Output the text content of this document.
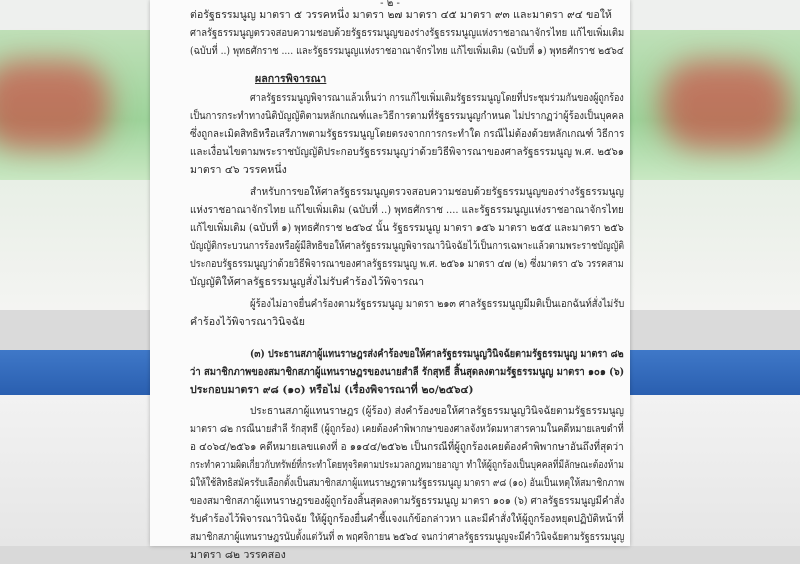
- ๒ -
ต่อรัฐธรรมนูญ มาตรา ๕ วรรคหนึ่ง มาตรา ๒๗ มาตรา ๔๕ มาตรา ๙๓ และมาตรา ๙๔ ขอให้
ศาลรัฐธรรมนูญตรวจสอบความชอบด้วยรัฐธรรมนูญของร่างรัฐธรรมนูญแห่งราชอาณาจักรไทย แก้ไขเพิ่มเติม
(ฉบับที่ ..) พุทธศักราช .... และรัฐธรรมนูญแห่งราชอาณาจักรไทย แก้ไขเพิ่มเติม (ฉบับที่ ๑) พุทธศักราช ๒๕๖๔
ผลการพิจารณา
ศาลรัฐธรรมนูญพิจารณาแล้วเห็นว่า การแก้ไขเพิ่มเติมรัฐธรรมนูญโดยที่ประชุมร่วมกันของผู้ถูกร้อง
เป็นการกระทำทางนิติบัญญัติตามหลักเกณฑ์และวิธีการตามที่รัฐธรรมนูญกำหนด ไม่ปรากฏว่าผู้ร้องเป็นบุคคล
ซึ่งถูกละเมิดสิทธิหรือเสรีภาพตามรัฐธรรมนูญโดยตรงจากการกระทำใด กรณีไม่ต้องด้วยหลักเกณฑ์ วิธีการ
และเงื่อนไขตามพระราชบัญญัติประกอบรัฐธรรมนูญว่าด้วยวิธีพิจารณาของศาลรัฐธรรมนูญ พ.ศ. ๒๕๖๑
มาตรา ๔๖ วรรคหนึ่ง
สำหรับการขอให้ศาลรัฐธรรมนูญตรวจสอบความชอบด้วยรัฐธรรมนูญของร่างรัฐธรรมนูญ
แห่งราชอาณาจักรไทย แก้ไขเพิ่มเติม (ฉบับที่ ..) พุทธศักราช .... และรัฐธรรมนูญแห่งราชอาณาจักรไทย
แก้ไขเพิ่มเติม (ฉบับที่ ๑) พุทธศักราช ๒๕๖๔ นั้น รัฐธรรมนูญ มาตรา ๑๕๖ มาตรา ๒๕๕ และมาตรา ๒๕๖
บัญญัติกระบวนการร้องหรือผู้มีสิทธิขอให้ศาลรัฐธรรมนูญพิจารณาวินิจฉัยไว้เป็นการเฉพาะแล้วตามพระราชบัญญัติ
ประกอบรัฐธรรมนูญว่าด้วยวิธีพิจารณาของศาลรัฐธรรมนูญ พ.ศ. ๒๕๖๑ มาตรา ๔๗ (๒) ซึ่งมาตรา ๔๖ วรรคสาม
บัญญัติให้ศาลรัฐธรรมนูญสั่งไม่รับคำร้องไว้พิจารณา
ผู้ร้องไม่อาจยื่นคำร้องตามรัฐธรรมนูญ มาตรา ๒๑๓ ศาลรัฐธรรมนูญมีมติเป็นเอกฉันท์สั่งไม่รับ
คำร้องไว้พิจารณาวินิจฉัย
(๓) ประธานสภาผู้แทนราษฎรส่งคำร้องขอให้ศาลรัฐธรรมนูญวินิจฉัยตามรัฐธรรมนูญ มาตรา ๘๒
ว่า สมาชิกภาพของสมาชิกสภาผู้แทนราษฎรของนายสำลี รักสุทธี สิ้นสุดลงตามรัฐธรรมนูญ มาตรา ๑๐๑ (๖)
ประกอบมาตรา ๙๘ (๑๐) หรือไม่ (เรื่องพิจารณาที่ ๒๐/๒๕๖๔)
ประธานสภาผู้แทนราษฎร (ผู้ร้อง) ส่งคำร้องขอให้ศาลรัฐธรรมนูญวินิจฉัยตามรัฐธรรมนูญ
มาตรา ๘๒ กรณีนายสำลี รักสุทธี (ผู้ถูกร้อง) เคยต้องคำพิพากษาของศาลจังหวัดมหาสารคามในคดีหมายเลขดำที่
อ ๔๐๖๔/๒๕๖๑ คดีหมายเลขแดงที่ อ ๑๑๔๔/๒๕๖๒ เป็นกรณีที่ผู้ถูกร้องเคยต้องคำพิพากษาอันถึงที่สุดว่า
กระทำความผิดเกี่ยวกับทรัพย์ที่กระทำโดยทุจริตตามประมวลกฎหมายอาญา ทำให้ผู้ถูกร้องเป็นบุคคลที่มีลักษณะต้องห้าม
มิให้ใช้สิทธิสมัครรับเลือกตั้งเป็นสมาชิกสภาผู้แทนราษฎรตามรัฐธรรมนูญ มาตรา ๙๘ (๑๐) อันเป็นเหตุให้สมาชิกภาพ
ของสมาชิกสภาผู้แทนราษฎรของผู้ถูกร้องสิ้นสุดลงตามรัฐธรรมนูญ มาตรา ๑๐๑ (๖) ศาลรัฐธรรมนูญมีคำสั่ง
รับคำร้องไว้พิจารณาวินิจฉัย ให้ผู้ถูกร้องยื่นคำชี้แจงแก้ข้อกล่าวหา และมีคำสั่งให้ผู้ถูกร้องหยุดปฏิบัติหน้าที่
สมาชิกสภาผู้แทนราษฎรนับตั้งแต่วันที่ ๓ พฤศจิกายน ๒๕๖๔ จนกว่าศาลรัฐธรรมนูญจะมีคำวินิจฉัยตามรัฐธรรมนูญ
มาตรา ๘๒ วรรคสอง
